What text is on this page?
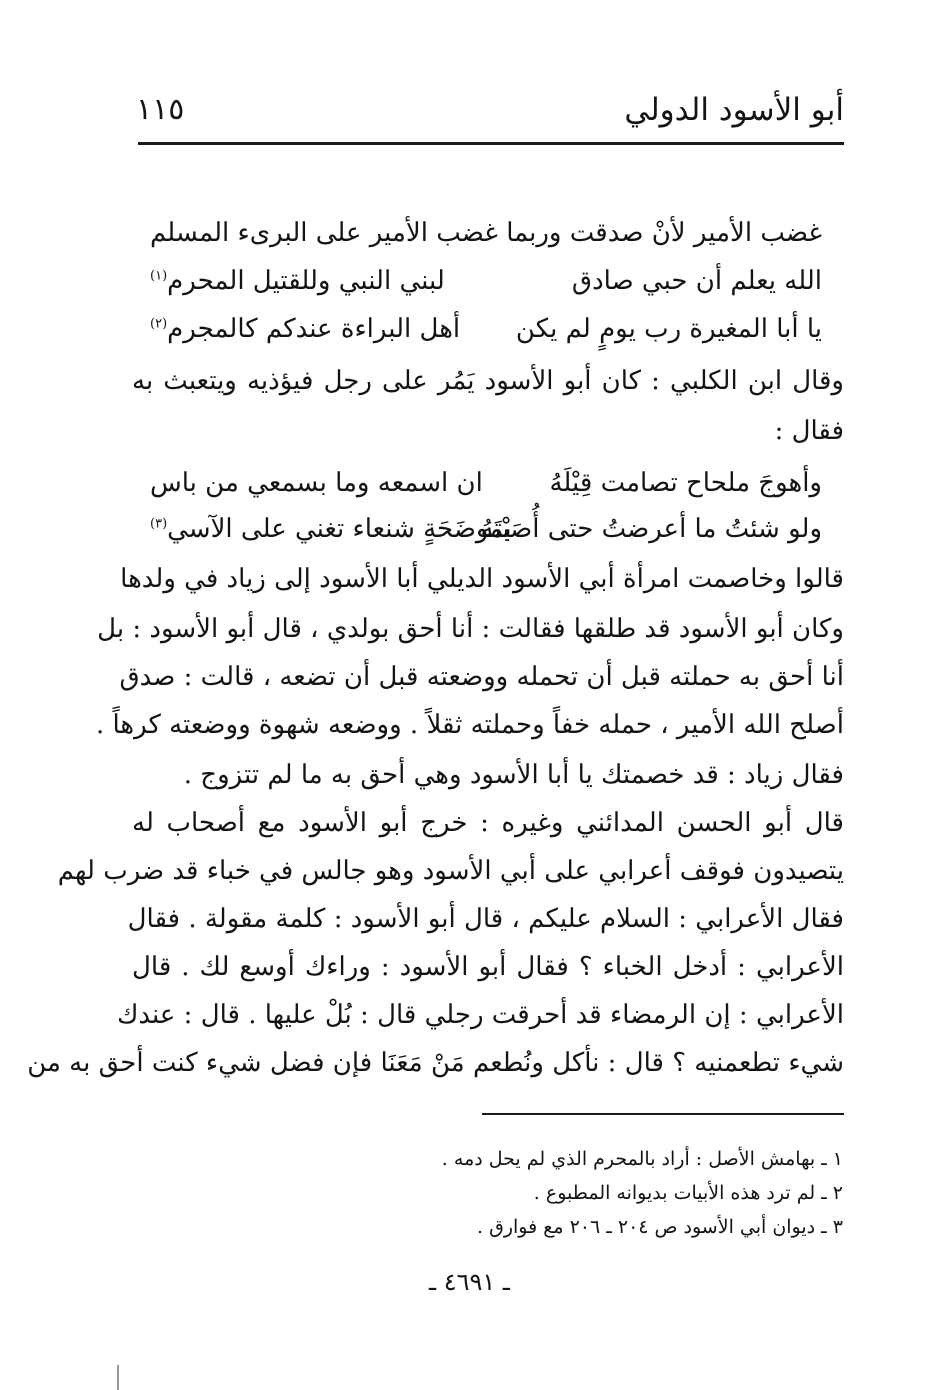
أبو الأسود الدولي
١١٥
غضب الأمير لأنْ صدقت وربما
غضب الأمير على البرىء المسلم
الله يعلم أن حبي صادق
لبني النبي وللقتيل المحرم$^{(١)}$
يا أبا المغيرة رب يومٍ لم يكن
أهل البراءة عندكم كالمجرم$^{(٢)}$
وقال ابن الكلبي : كان أبو الأسود يَمُر على رجل فيؤذيه ويتعبث به
فقال :
وأهوجَ ملحاح تصامت قِيْلَهُ
ان اسمعه وما بسمعي من باس
ولو شئتُ ما أعرضتُ حتى أُصَبْتَهُ
بموضَحَةٍ شنعاء تغني على الآسي$^{(٣)}$
قالوا وخاصمت امرأة أبي الأسود الديلي أبا الأسود إلى زياد في ولدها
وكان أبو الأسود قد طلقها فقالت : أنا أحق بولدي ، قال أبو الأسود : بل
أنا أحق به حملته قبل أن تحمله ووضعته قبل أن تضعه ، قالت : صدق
أصلح الله الأمير ، حمله خفاً وحملته ثقلاً . ووضعه شهوة ووضعته كرهاً .
فقال زياد : قد خصمتك يا أبا الأسود وهي أحق به ما لم تتزوج .
قال أبو الحسن المدائني وغيره : خرج أبو الأسود مع أصحاب له
يتصيدون فوقف أعرابي على أبي الأسود وهو جالس في خباء قد ضرب لهم
فقال الأعرابي : السلام عليكم ، قال أبو الأسود : كلمة مقولة . فقال
الأعرابي : أدخل الخباء ؟ فقال أبو الأسود : وراءك أوسع لك . قال
الأعرابي : إن الرمضاء قد أحرقت رجلي قال : بُلْ عليها . قال : عندك
شيء تطعمنيه ؟ قال : نأكل ونُطعم مَنْ مَعَنَا فإن فضل شيء كنت أحق به من
١ ـ بهامش الأصل : أراد بالمحرم الذي لم يحل دمه .
٢ ـ لم ترد هذه الأبيات بديوانه المطبوع .
٣ ـ ديوان أبي الأسود ص ٢٠٤ ـ ٢٠٦ مع فوارق .
ـ ٤٦٩١ ـ
